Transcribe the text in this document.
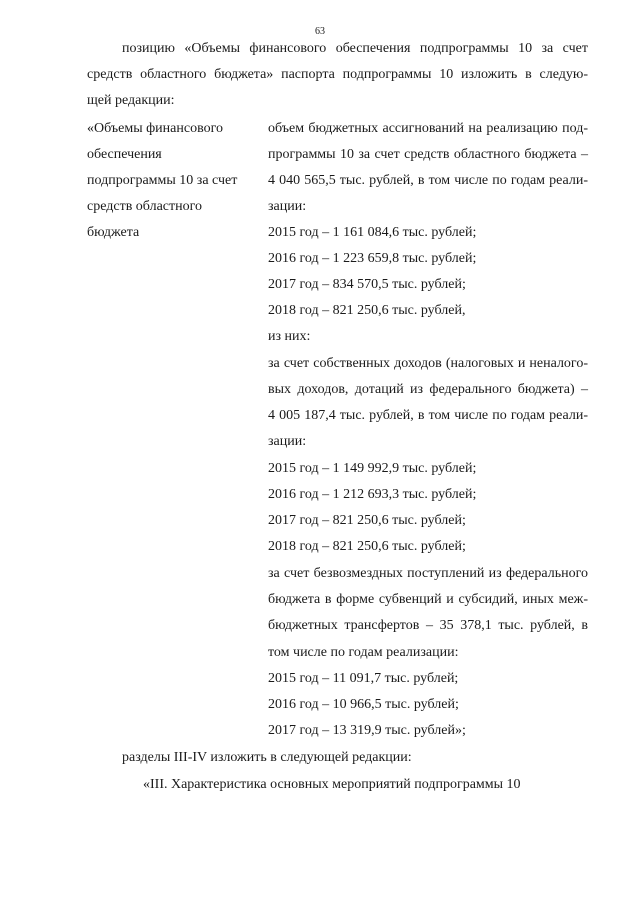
63
позицию «Объемы финансового обеспечения подпрограммы 10 за счет
средств областного бюджета» паспорта подпрограммы 10 изложить в следую-
щей редакции:
«Объемы финансового
обеспечения
подпрограммы 10 за счет
средств областного
бюджета
объем бюджетных ассигнований на реализацию под-
программы 10 за счет средств областного бюджета –
4 040 565,5 тыс. рублей, в том числе по годам реали-
зации:
2015 год – 1 161 084,6 тыс. рублей;
2016 год – 1 223 659,8 тыс. рублей;
2017 год – 834 570,5 тыс. рублей;
2018 год – 821 250,6 тыс. рублей,
из них:
за счет собственных доходов (налоговых и неналого-
вых доходов, дотаций из федерального бюджета) –
4 005 187,4 тыс. рублей, в том числе по годам реали-
зации:
2015 год – 1 149 992,9 тыс. рублей;
2016 год – 1 212 693,3 тыс. рублей;
2017 год – 821 250,6 тыс. рублей;
2018 год – 821 250,6 тыс. рублей;
за счет безвозмездных поступлений из федерального
бюджета в форме субвенций и субсидий, иных меж-
бюджетных трансфертов – 35 378,1 тыс. рублей, в
том числе по годам реализации:
2015 год – 11 091,7 тыс. рублей;
2016 год – 10 966,5 тыс. рублей;
2017 год – 13 319,9 тыс. рублей»;
разделы III-IV изложить в следующей редакции:
«III. Характеристика основных мероприятий подпрограммы 10
